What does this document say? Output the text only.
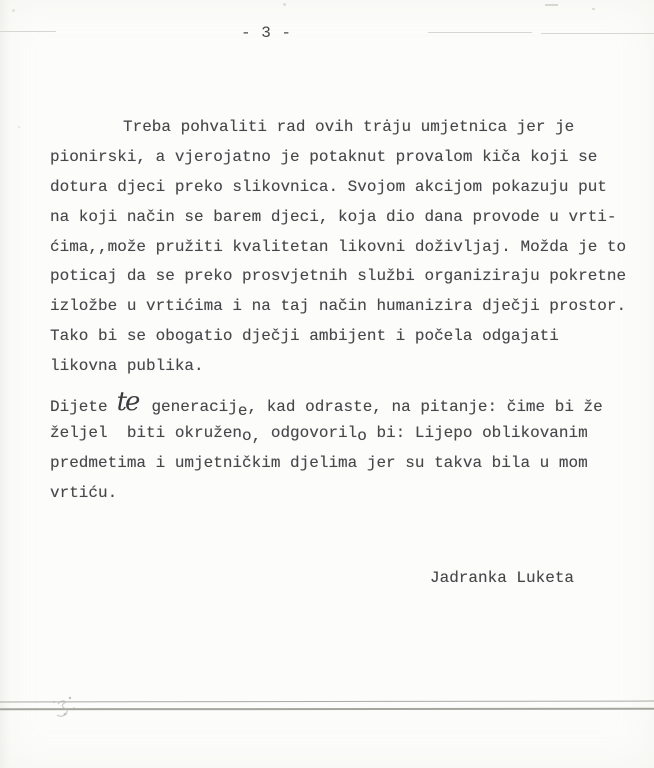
- 3 -
Treba pohvaliti rad ovih trȧju umjetnica jer je
pionirski, a vjerojatno je potaknut provalom kiča koji se
dotura djeci preko slikovnica. Svojom akcijom pokazuju put
na koji način se barem djeci, koja dio dana provode u vrti-
ćima,,može pružiti kvalitetan likovni doživljaj. Možda je to
poticaj da se preko prosvjetnih službi organiziraju pokretne
izložbe u vrtićima i na taj način humanizira dječji prostor.
Tako bi se obogatio dječji ambijent i počela odgajati
likovna publika.
Dijete te generacije, kad odraste, na pitanje: čime bi že
željel  biti okruženo, odgovorilo bi: Lijepo oblikovanim
predmetima i umjetničkim djelima jer su takva bila u mom
vrtiću.
Jadranka Luketa
